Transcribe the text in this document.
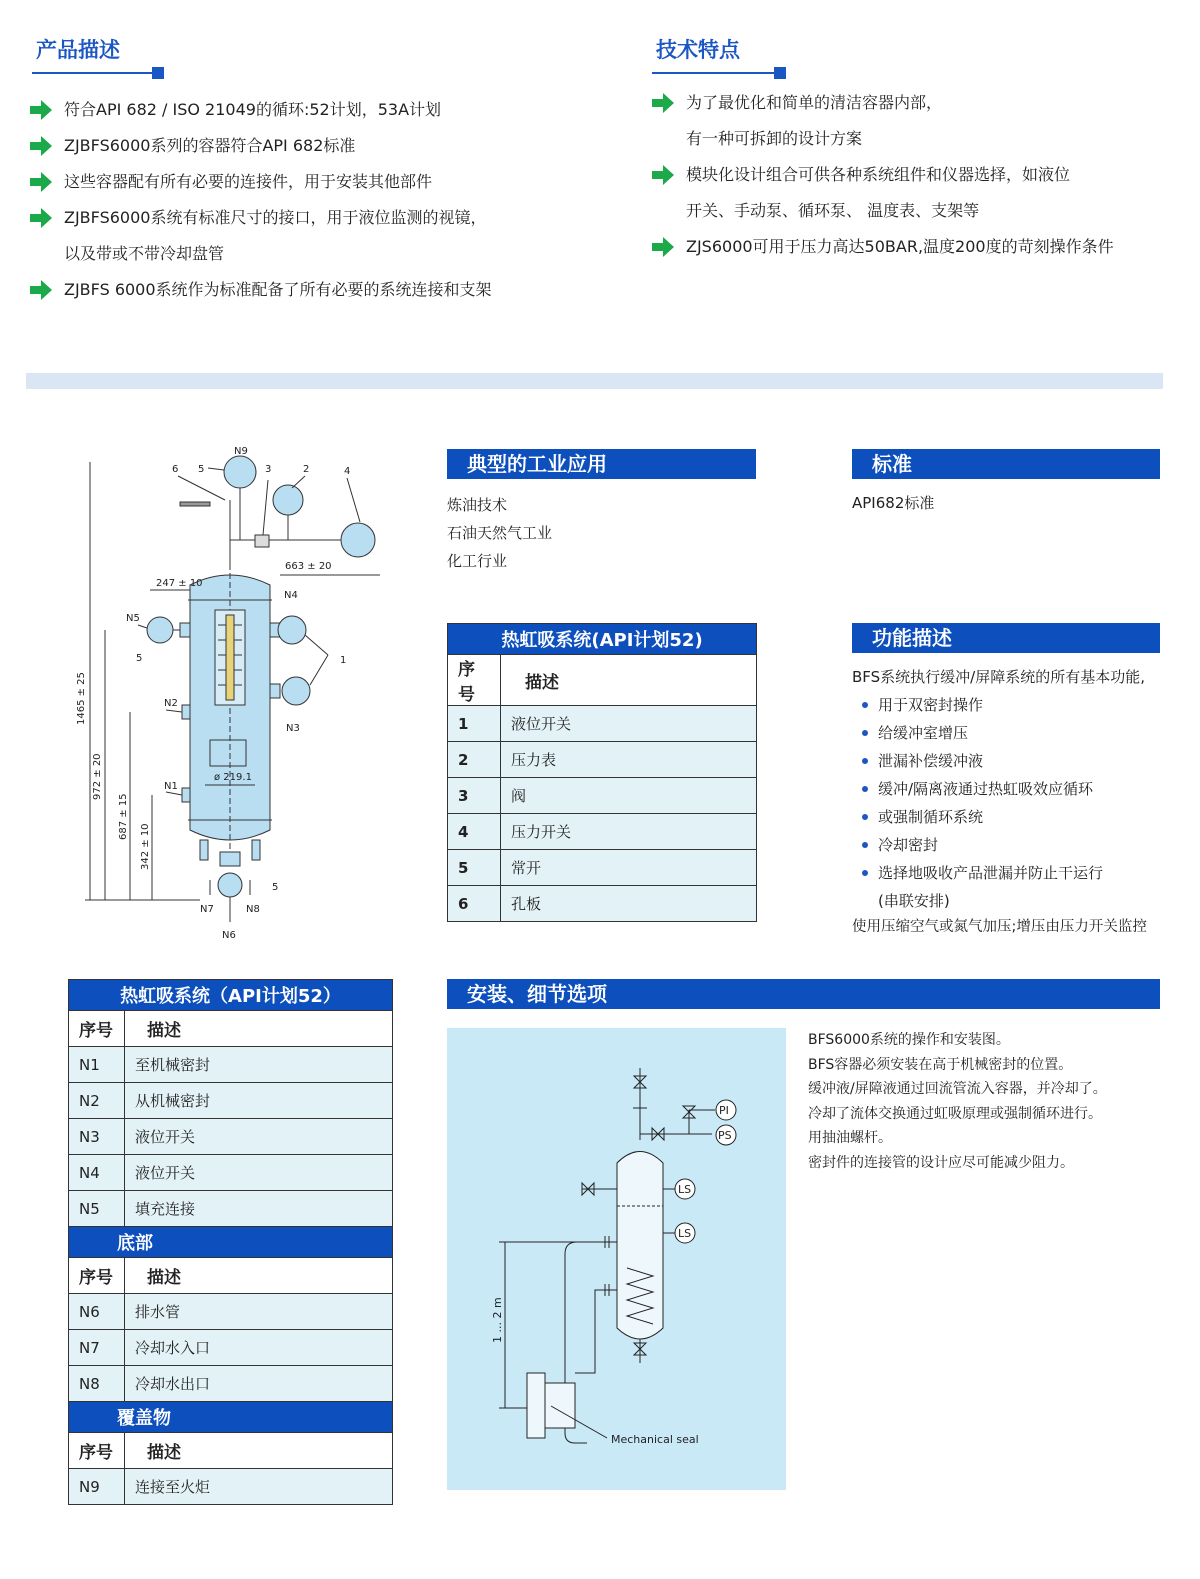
产品描述
符合API 682 / ISO 21049的循环:52计划，53A计划
ZJBFS6000系列的容器符合API 682标准
这些容器配有所有必要的连接件，用于安装其他部件
ZJBFS6000系统有标准尺寸的接口，用于液位监测的视镜，
以及带或不带冷却盘管
ZJBFS 6000系统作为标准配备了所有必要的系统连接和支架
技术特点
为了最优化和简单的清洁容器内部，
有一种可拆卸的设计方案
模块化设计组合可供各种系统组件和仪器选择，如液位
开关、手动泵、循环泵、 温度表、支架等
ZJS6000可用于压力高达50BAR,温度200度的苛刻操作条件
N9
6 5	3	2	4
663 ± 20
247 ± 10
N5
5
N4
1
N3
N2
N1
ø 219.1
N7	N8
5
N6
1465 ± 25
972 ± 20
687 ± 15
342 ± 10
典型的工业应用
炼油技术
石油天然气工业
化工行业
标准
API682标准
热虹吸系统(API计划52)	
序号	描述
1	液位开关
2	压力表
3	阀
4	压力开关
5	常开
6	孔板
功能描述
BFS系统执行缓冲/屏障系统的所有基本功能,
用于双密封操作
给缓冲室增压
泄漏补偿缓冲液
缓冲/隔离液通过热虹吸效应循环
或强制循环系统
冷却密封
选择地吸收产品泄漏并防止干运行
(串联安排)
使用压缩空气或氮气加压;增压由压力开关监控
热虹吸系统（API计划52）	
序号	描述
N1	至机械密封
N2	从机械密封
N3	液位开关
N4	液位开关
N5	填充连接
底部	
序号	描述
N6	排水管
N7	冷却水入口
N8	冷却水出口
覆盖物	
序号	描述
N9	连接至火炬
安装、细节选项
PI
PS
LS
LS
1 ... 2 m
Mechanical seal
BFS6000系统的操作和安装图。
BFS容器必须安装在高于机械密封的位置。
缓冲液/屏障液通过回流管流入容器，并冷却了。
冷却了流体交换通过虹吸原理或强制循环进行。
用抽油螺杆。
密封件的连接管的设计应尽可能减少阻力。
